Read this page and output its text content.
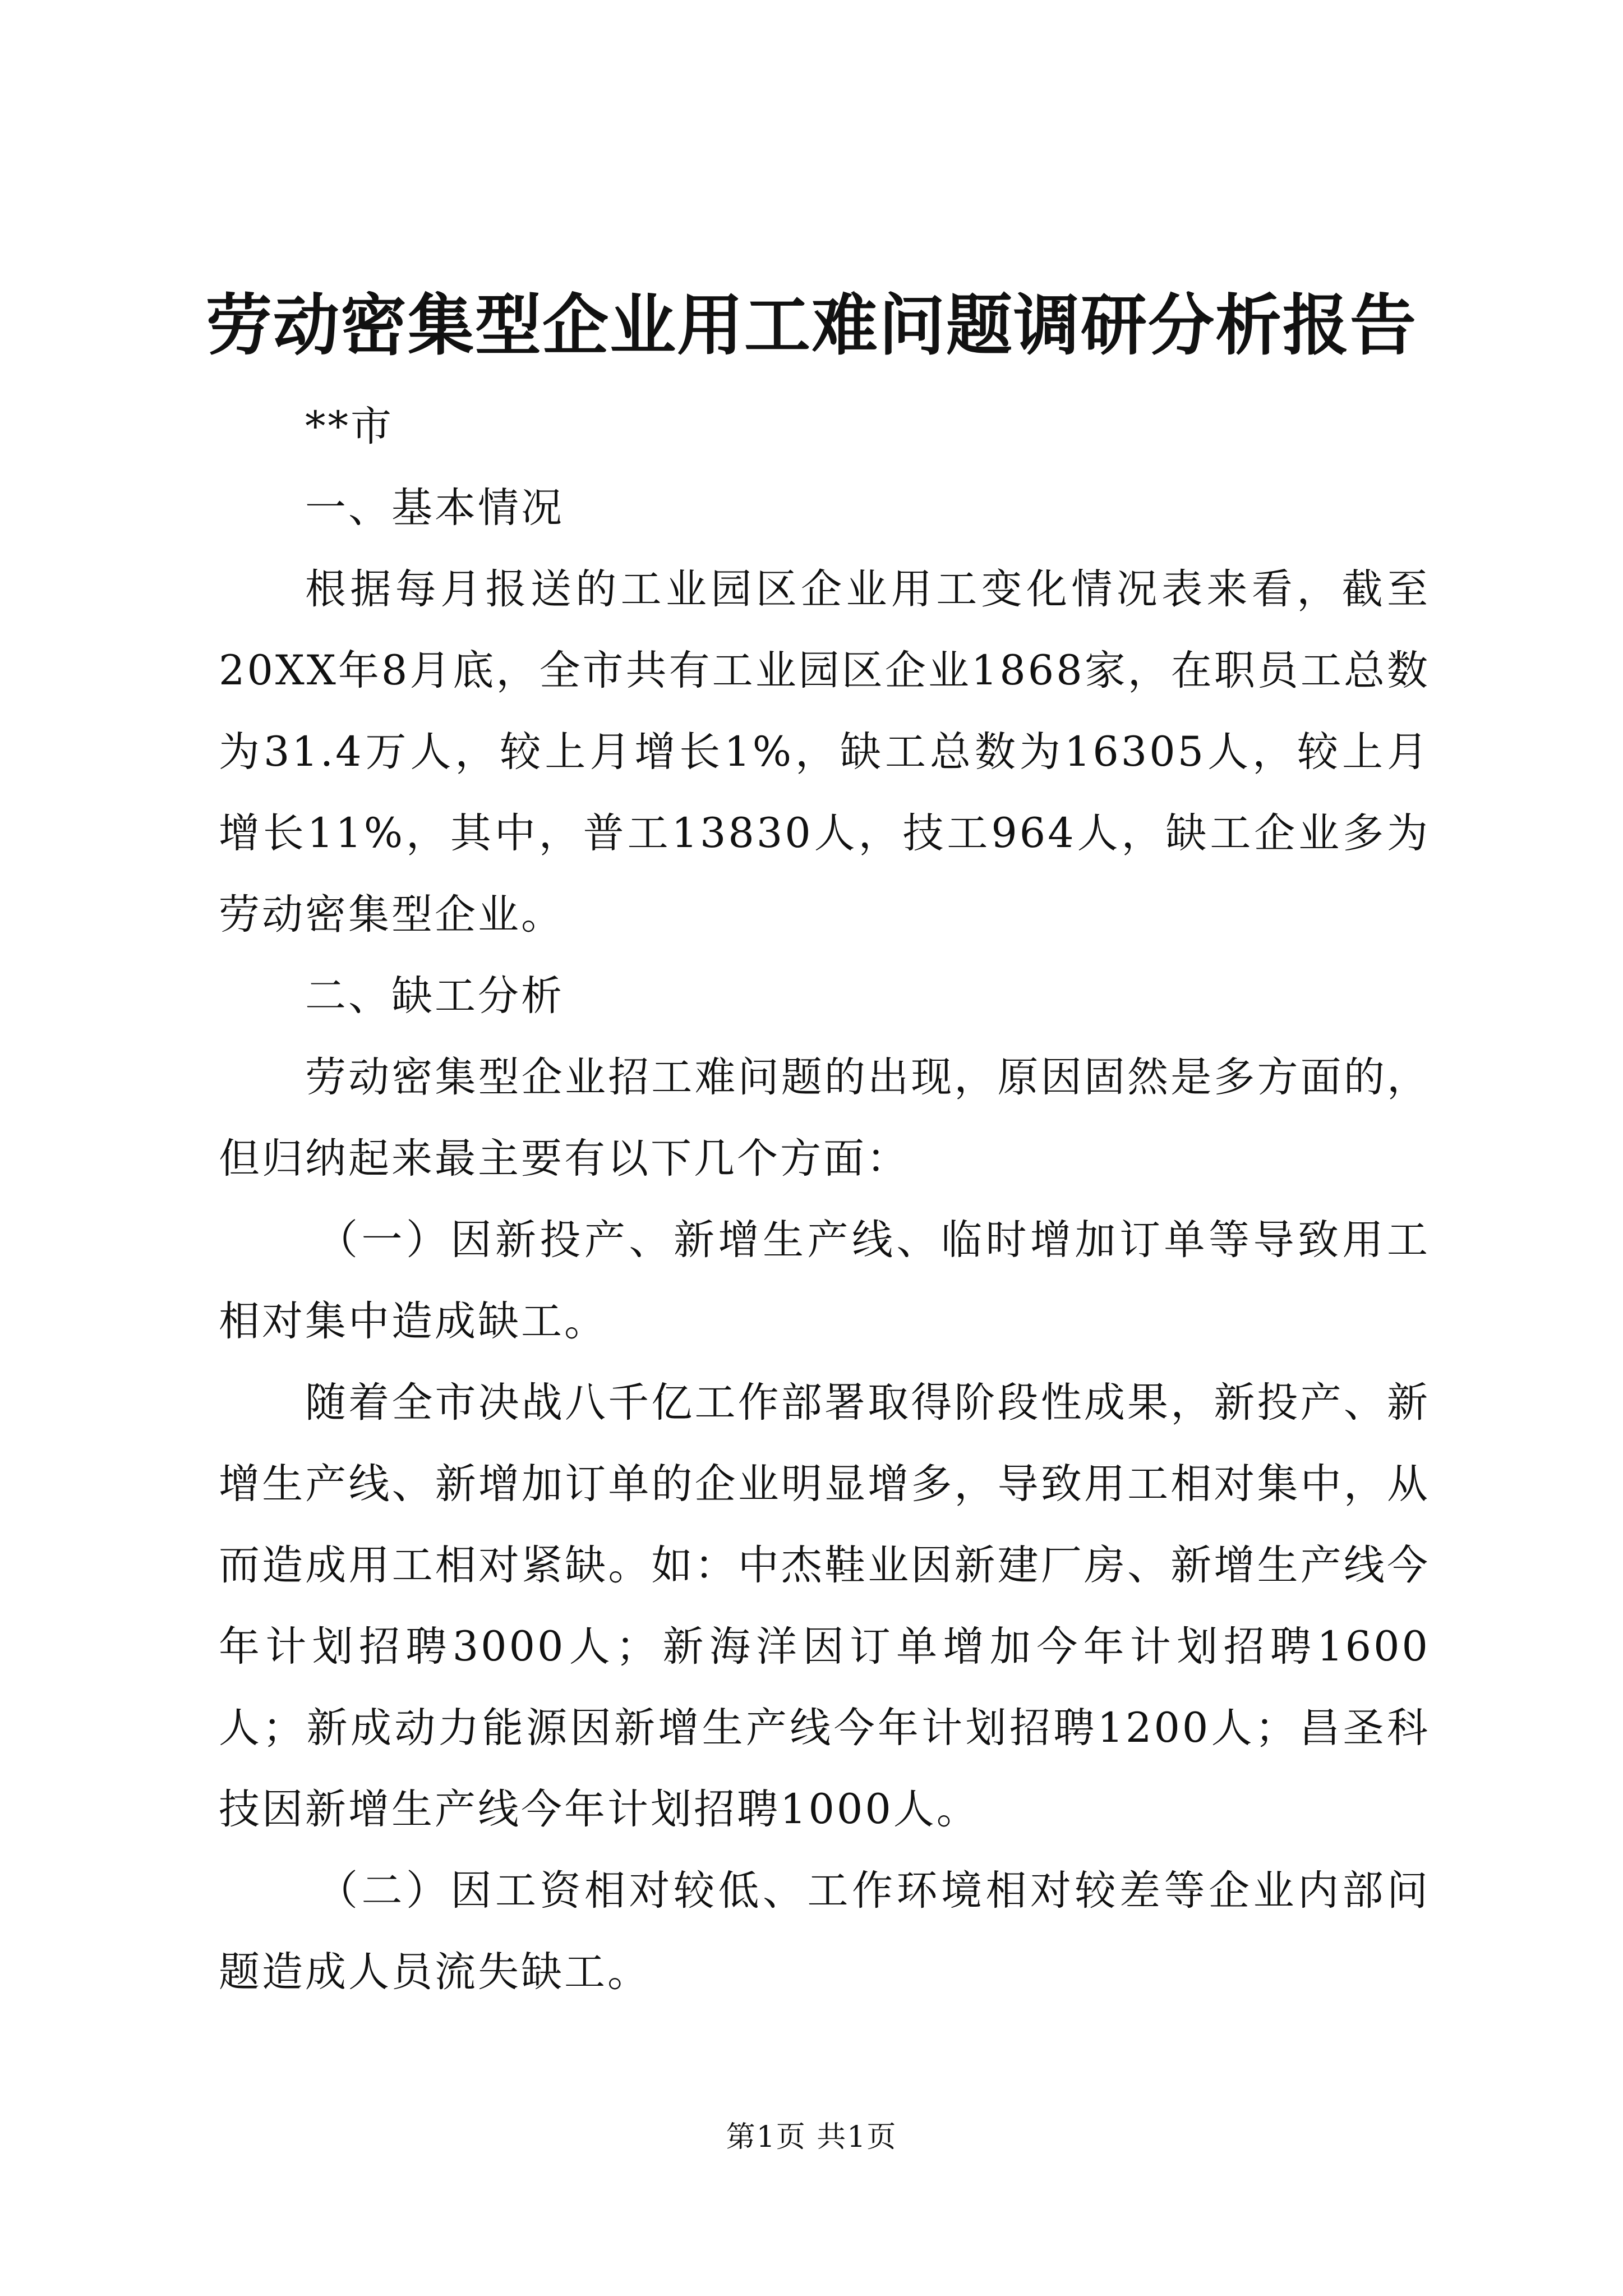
劳动密集型企业用工难问题调研分析报告

**市

一、基本情况

根据每月报送的工业园区企业用工变化情况表来看，截至20XX年8月底，全市共有工业园区企业1868家，在职员工总数为31.4万人，较上月增长1%，缺工总数为16305人，较上月增长11%，其中，普工13830人，技工964人，缺工企业多为劳动密集型企业。

二、缺工分析

劳动密集型企业招工难问题的出现，原因固然是多方面的，但归纳起来最主要有以下几个方面：

（一）因新投产、新增生产线、临时增加订单等导致用工相对集中造成缺工。

随着全市决战八千亿工作部署取得阶段性成果，新投产、新增生产线、新增加订单的企业明显增多，导致用工相对集中，从而造成用工相对紧缺。如：中杰鞋业因新建厂房、新增生产线今年计划招聘3000人；新海洋因订单增加今年计划招聘1600人；新成动力能源因新增生产线今年计划招聘1200人；昌圣科技因新增生产线今年计划招聘1000人。

（二）因工资相对较低、工作环境相对较差等企业内部问题造成人员流失缺工。

第1页 共1页
